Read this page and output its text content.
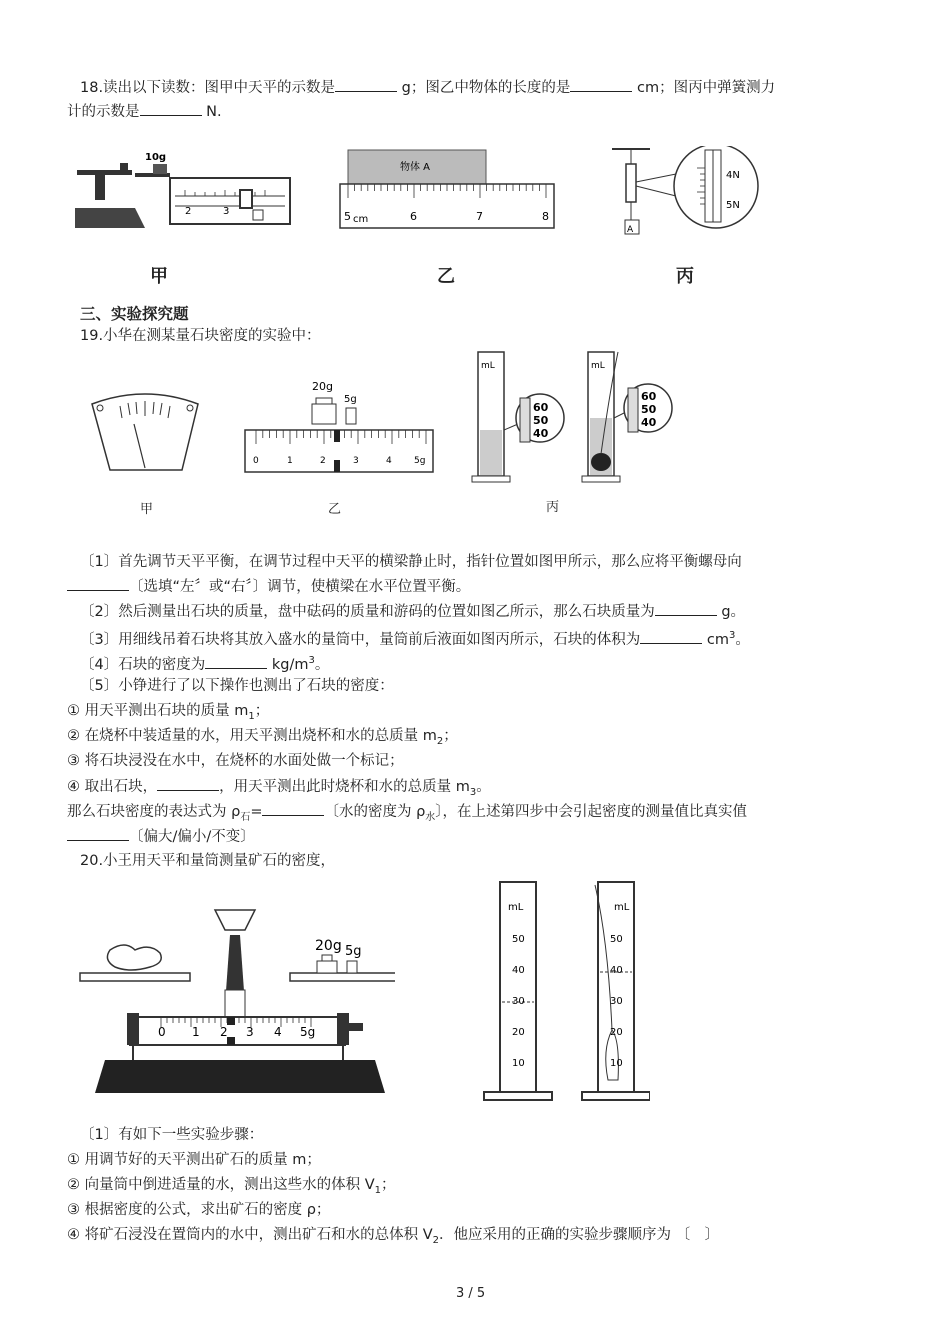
18.读出以下读数：图甲中天平的示数是	g；图乙中物体的长度的是	cm；图丙中弹簧测力
计的示数是	N.
2	3
10g
甲
物体 A
5 cm	6	7	8
乙
A
4N
5N
丙
三、实验探究题
19.小华在测某量石块密度的实验中：
甲
20g
5g
0	1	2	3	4 5g
乙
mL
60
50
40
mL
60
50
40
丙
〔1〕首先调节天平平衡，在调节过程中天平的横梁静止时，指针位置如图甲所示，那么应将平衡螺母向
〔选填“左〞或“右〞〕调节，使横梁在水平位置平衡。
〔2〕然后测量出石块的质量，盘中砝码的质量和游码的位置如图乙所示，那么石块质量为	g。
〔3〕用细线吊着石块将其放入盛水的量筒中，量筒前后液面如图丙所示，石块的体积为	$cm^3$。
〔4〕石块的密度为	$kg/m^3$。
〔5〕小铮进行了以下操作也测出了石块的密度：
① 用天平测出石块的质量 $m_1$；
② 在烧杯中装适量的水，用天平测出烧杯和水的总质量 $m_2$；
③ 将石块浸没在水中，在烧杯的水面处做一个标记；
④ 取出石块，	，用天平测出此时烧杯和水的总质量 $m_3$。
那么石块密度的表达式为 $\rho_石=$	〔水的密度为 $\rho_水$〕，在上述第四步中会引起密度的测量值比真实值
〔偏大/偏小/不变〕
20.小王用天平和量筒测量矿石的密度，
20g 5g
0 1 2 3 4 5g
mL
50
40
30
20
10
mL
50
40
30
20
10
〔1〕有如下一些实验步骤：
① 用调节好的天平测出矿石的质量 m；
② 向量筒中倒进适量的水，测出这些水的体积 $V_1$；
③ 根据密度的公式，求出矿石的密度 ρ；
④ 将矿石浸没在置筒内的水中，测出矿石和水的总体积 $V_2$．他应采用的正确的实验步骤顺序为 〔　〕
3 / 5
